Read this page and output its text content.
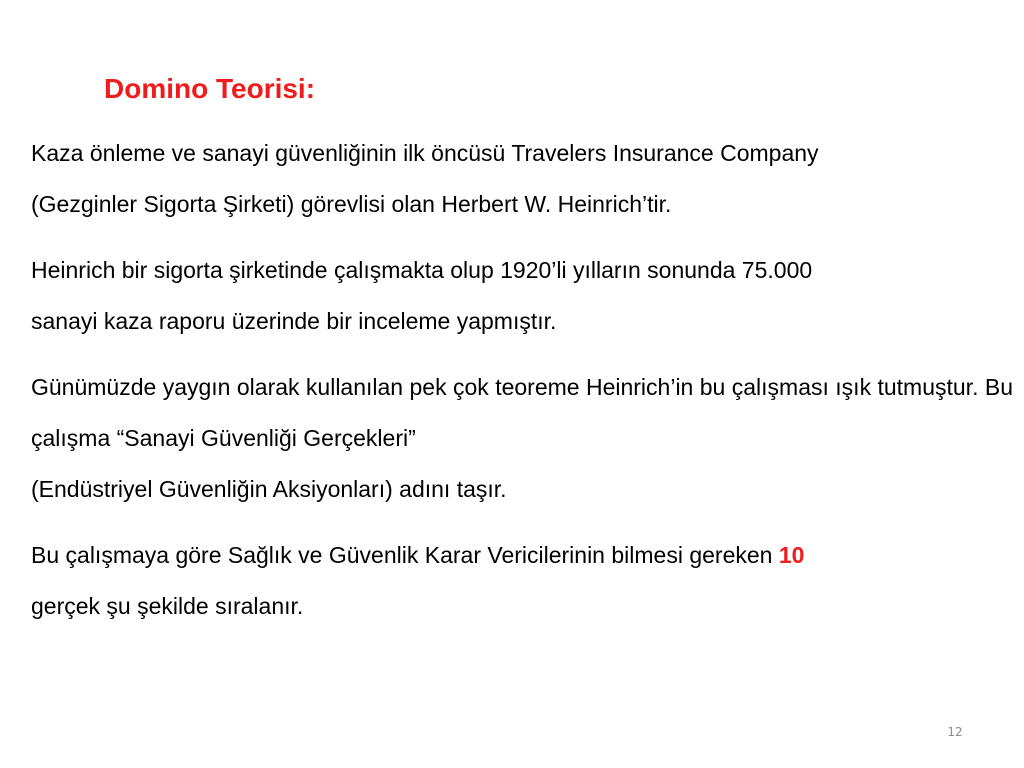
Domino Teorisi:

Kaza önleme ve sanayi güvenliğinin ilk öncüsü Travelers Insurance Company
(Gezginler Sigorta Şirketi) görevlisi olan Herbert W. Heinrich’tir.

Heinrich bir sigorta şirketinde çalışmakta olup 1920’li yılların sonunda 75.000
sanayi kaza raporu üzerinde bir inceleme yapmıştır.

Günümüzde yaygın olarak kullanılan pek çok teoreme Heinrich’in bu çalışması ışık tutmuştur. Bu çalışma “Sanayi Güvenliği Gerçekleri”
(Endüstriyel Güvenliğin Aksiyonları) adını taşır.

Bu çalışmaya göre Sağlık ve Güvenlik Karar Vericilerinin bilmesi gereken 10
gerçek şu şekilde sıralanır.

12
